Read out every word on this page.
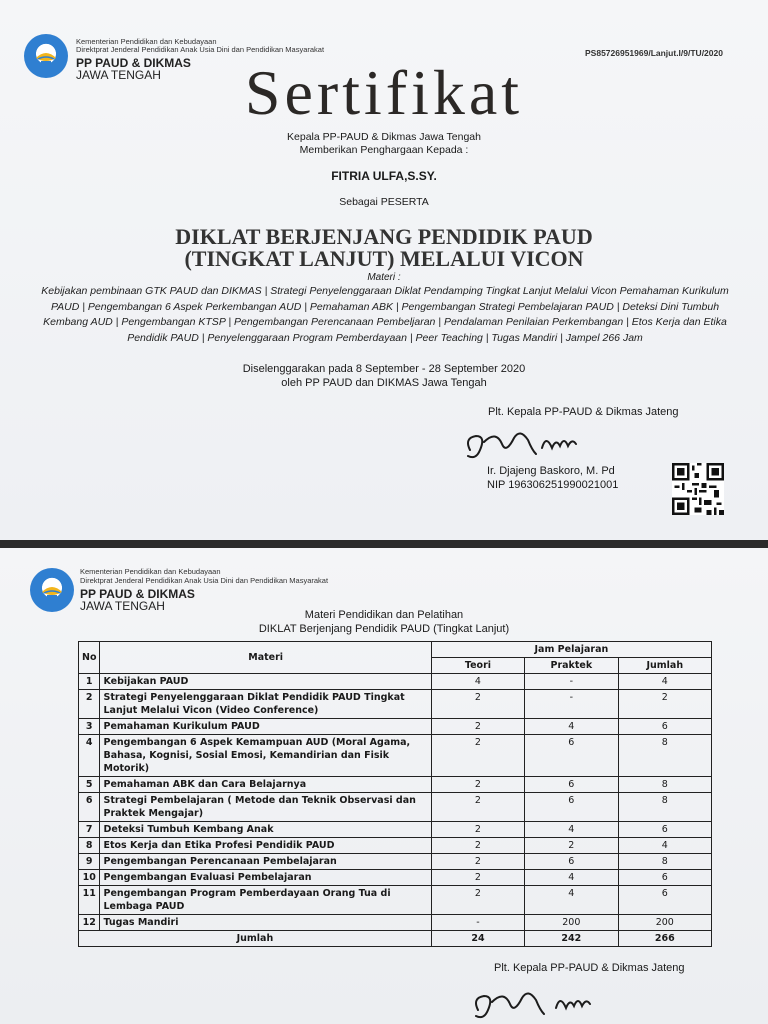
Kementerian Pendidikan dan Kebudayaan
Direktprat Jenderal Pendidikan Anak Usia Dini dan Pendidikan Masyarakat
PP PAUD & DIKMAS
JAWA TENGAH
PS85726951969/Lanjut.I/9/TU/2020
Sertifikat
Kepala PP-PAUD & Dikmas Jawa Tengah
Memberikan Penghargaan Kepada :
FITRIA ULFA,S.SY.
Sebagai PESERTA
DIKLAT BERJENJANG PENDIDIK PAUD
(TINGKAT LANJUT) MELALUI VICON
Materi :
Kebijakan pembinaan GTK PAUD dan DIKMAS | Strategi Penyelenggaraan Diklat Pendamping Tingkat Lanjut Melalui Vicon Pemahaman Kurikulum PAUD | Pengembangan 6 Aspek Perkembangan AUD | Pemahaman ABK | Pengembangan Strategi Pembelajaran PAUD | Deteksi Dini Tumbuh Kembang AUD | Pengembangan KTSP | Pengembangan Perencanaan Pembeljaran | Pendalaman Penilaian Perkembangan | Etos Kerja dan Etika Pendidik PAUD | Penyelenggaraan Program Pemberdayaan | Peer Teaching | Tugas Mandiri | Jampel 266 Jam
Diselenggarakan pada 8 September - 28 September 2020
oleh PP PAUD dan DIKMAS Jawa Tengah
Plt. Kepala PP-PAUD & Dikmas Jateng
Ir. Djajeng Baskoro, M. Pd
NIP 196306251990021001
Kementerian Pendidikan dan Kebudayaan
Direktprat Jenderal Pendidikan Anak Usia Dini dan Pendidikan Masyarakat
PP PAUD & DIKMAS
JAWA TENGAH
Materi Pendidikan dan Pelatihan
DIKLAT Berjenjang Pendidik PAUD (Tingkat Lanjut)
No	Materi	Jam Pelajaran		
		Teori	Praktek	Jumlah
1	Kebijakan PAUD	4	-	4
2	Strategi Penyelenggaraan Diklat Pendidik PAUD Tingkat Lanjut Melalui Vicon (Video Conference)	2	-	2
3	Pemahaman Kurikulum PAUD	2	4	6
4	Pengembangan 6 Aspek Kemampuan AUD (Moral Agama, Bahasa, Kognisi, Sosial Emosi, Kemandirian dan Fisik Motorik)	2	6	8
5	Pemahaman ABK dan Cara Belajarnya	2	6	8
6	Strategi Pembelajaran ( Metode dan Teknik Observasi dan Praktek Mengajar)	2	6	8
7	Deteksi Tumbuh Kembang Anak	2	4	6
8	Etos Kerja dan Etika Profesi Pendidik PAUD	2	2	4
9	Pengembangan Perencanaan Pembelajaran	2	6	8
10	Pengembangan Evaluasi Pembelajaran	2	4	6
11	Pengembangan Program Pemberdayaan Orang Tua di Lembaga PAUD	2	4	6
12	Tugas Mandiri	-	200	200
Jumlah		24	242	266
Plt. Kepala PP-PAUD & Dikmas Jateng
